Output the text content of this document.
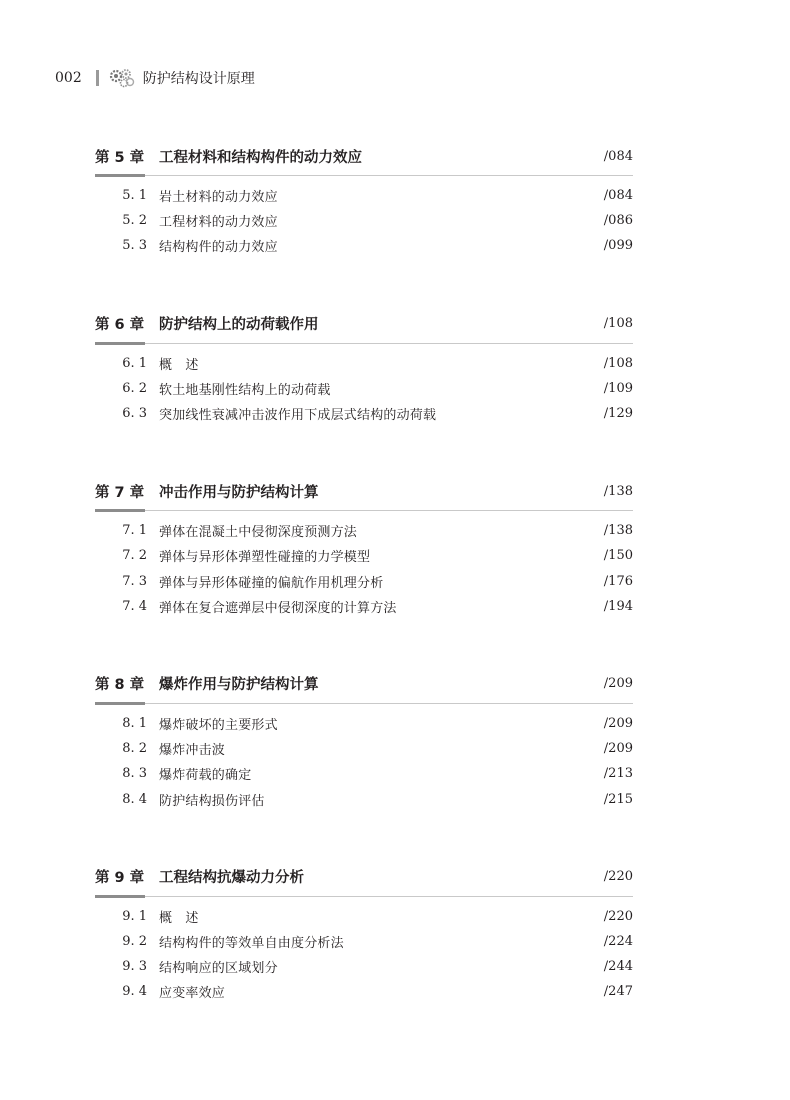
002	防护结构设计原理
第 5 章	工程材料和结构构件的动力效应	/084
5. 1 岩土材料的动力效应	/084
5. 2 工程材料的动力效应	/086
5. 3 结构构件的动力效应	/099
第 6 章	防护结构上的动荷载作用	/108
6. 1 概　述	/108
6. 2 软土地基刚性结构上的动荷载	/109
6. 3 突加线性衰减冲击波作用下成层式结构的动荷载	/129
第 7 章	冲击作用与防护结构计算	/138
7. 1 弹体在混凝土中侵彻深度预测方法	/138
7. 2 弹体与异形体弹塑性碰撞的力学模型	/150
7. 3 弹体与异形体碰撞的偏航作用机理分析	/176
7. 4 弹体在复合遮弹层中侵彻深度的计算方法	/194
第 8 章	爆炸作用与防护结构计算	/209
8. 1 爆炸破坏的主要形式	/209
8. 2 爆炸冲击波	/209
8. 3 爆炸荷载的确定	/213
8. 4 防护结构损伤评估	/215
第 9 章	工程结构抗爆动力分析	/220
9. 1 概　述	/220
9. 2 结构构件的等效单自由度分析法	/224
9. 3 结构响应的区域划分	/244
9. 4 应变率效应	/247
